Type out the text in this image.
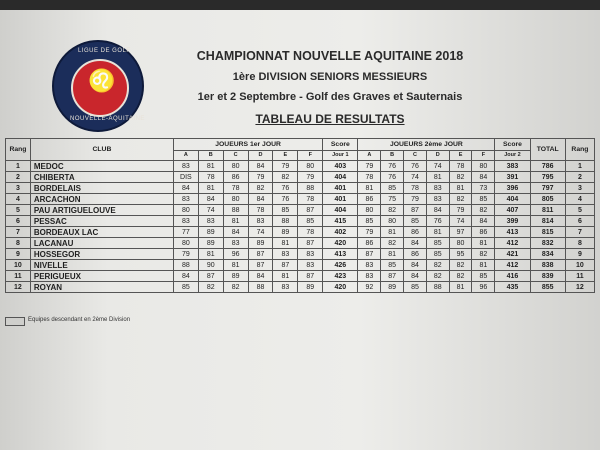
LIGUE DE GOLF
♌
NOUVELLE-AQUITAINE
CHAMPIONNAT NOUVELLE AQUITAINE 2018
1ère DIVISION SENIORS MESSIEURS
1er et 2 Septembre - Golf des Graves et Sauternais
TABLEAU DE RESULTATS
Rang	CLUB	JOUEURS 1er JOUR						Score	JOUEURS 2ème JOUR						Score	TOTAL	Rang
		A	B	C	D	E	F	Jour 1	A	B	C	D	E	F	Jour 2		
1	MEDOC	83	81	80	84	79	80	403	79	76	76	74	78	80	383	786	1
2	CHIBERTA	DIS	78	86	79	82	79	404	78	76	74	81	82	84	391	795	2
3	BORDELAIS	84	81	78	82	76	88	401	81	85	78	83	81	73	396	797	3
4	ARCACHON	83	84	80	84	76	78	401	86	75	79	83	82	85	404	805	4
5	PAU ARTIGUELOUVE	80	74	88	78	85	87	404	80	82	87	84	79	82	407	811	5
6	PESSAC	83	83	81	83	88	85	415	85	80	85	76	74	84	399	814	6
7	BORDEAUX LAC	77	89	84	74	89	78	402	79	81	86	81	97	86	413	815	7
8	LACANAU	80	89	83	89	81	87	420	86	82	84	85	80	81	412	832	8
9	HOSSEGOR	79	81	96	87	83	83	413	87	81	86	85	95	82	421	834	9
10	NIVELLE	88	90	81	87	87	83	426	83	85	84	82	82	81	412	838	10
11	PERIGUEUX	84	87	89	84	81	87	423	83	87	84	82	82	85	416	839	11
12	ROYAN	85	82	82	88	83	89	420	92	89	85	88	81	96	435	855	12
Equipes descendant en 2ème Division
